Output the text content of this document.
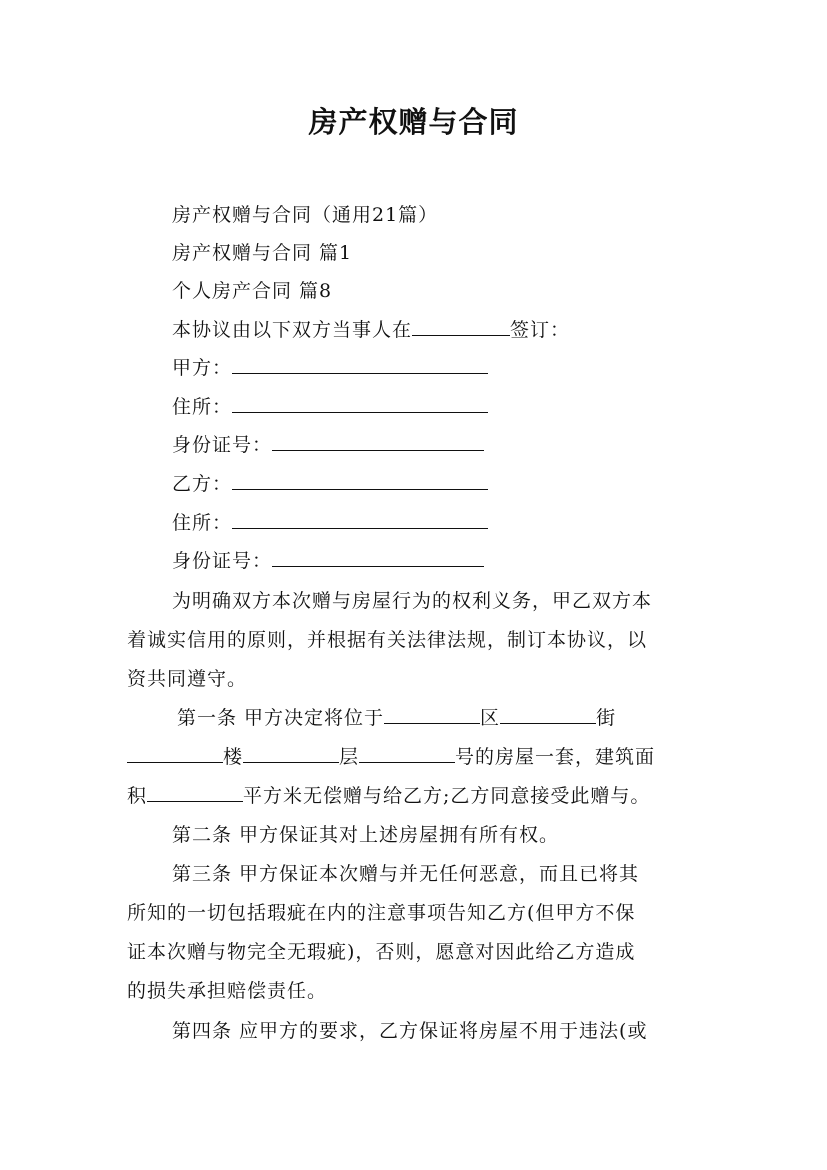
房产权赠与合同
房产权赠与合同（通用21篇）
房产权赠与合同 篇1
个人房产合同 篇8
本协议由以下双方当事人在	签订：
甲方：
住所：
身份证号：
乙方：
住所：
身份证号：
为明确双方本次赠与房屋行为的权利义务，甲乙双方本
着诚实信用的原则，并根据有关法律法规，制订本协议，以
资共同遵守。
第一条 甲方决定将位于	区	街
楼	层	号的房屋一套，建筑面
积	平方米无偿赠与给乙方;乙方同意接受此赠与。
第二条 甲方保证其对上述房屋拥有所有权。
第三条 甲方保证本次赠与并无任何恶意，而且已将其
所知的一切包括瑕疵在内的注意事项告知乙方(但甲方不保
证本次赠与物完全无瑕疵)，否则，愿意对因此给乙方造成
的损失承担赔偿责任。
第四条 应甲方的要求，乙方保证将房屋不用于违法(或
